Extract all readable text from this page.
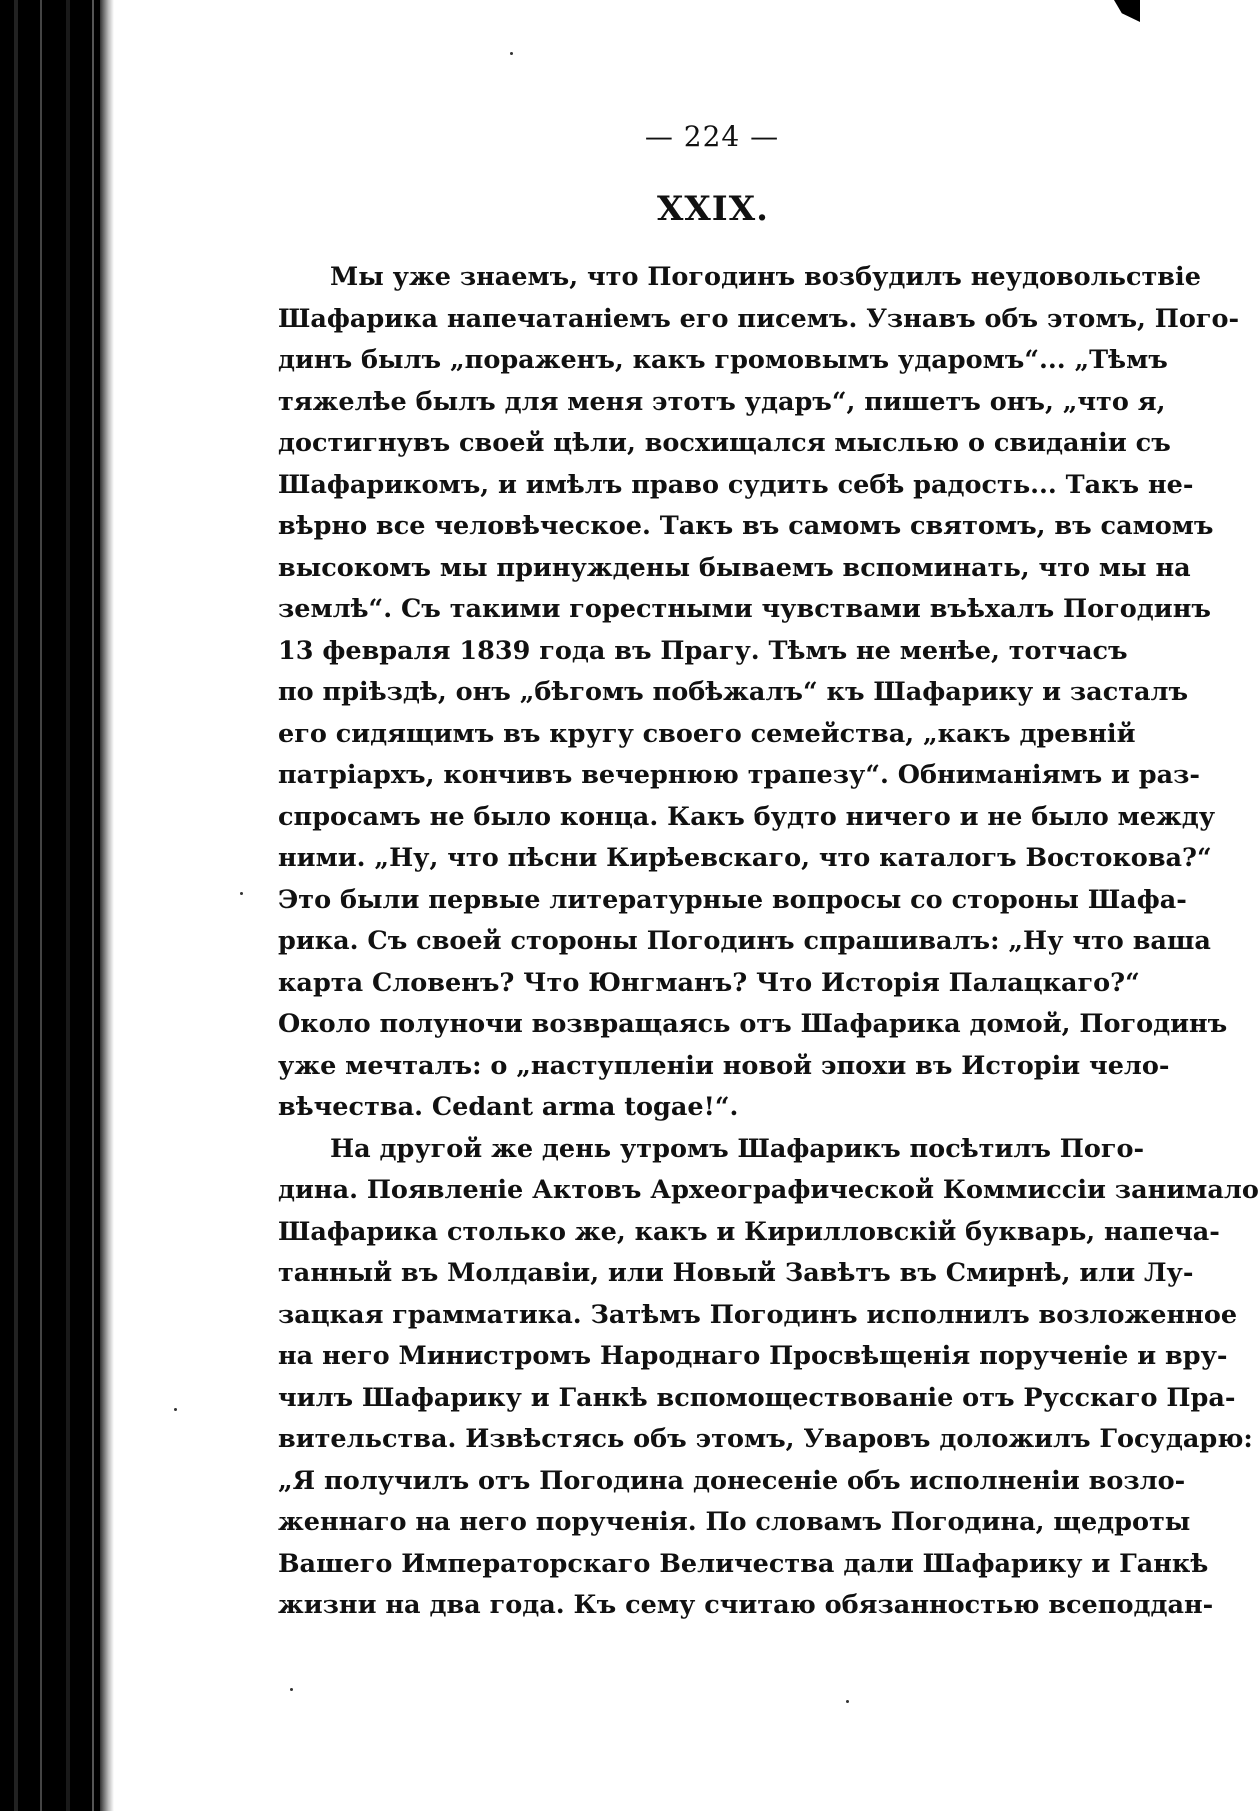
— 224 —
XXIX.
Мы уже знаемъ, что Погодинъ возбудилъ неудовольствіе
Шафарика напечатаніемъ его писемъ. Узнавъ объ этомъ, Пого-
динъ былъ „пораженъ, какъ громовымъ ударомъ“... „Тѣмъ
тяжелѣе былъ для меня этотъ ударъ“, пишетъ онъ, „что я,
достигнувъ своей цѣли, восхищался мыслью о свиданіи съ
Шафарикомъ, и имѣлъ право судить себѣ радость... Такъ не-
вѣрно все человѣческое. Такъ въ самомъ святомъ, въ самомъ
высокомъ мы принуждены бываемъ вспоминать, что мы на
землѣ“. Съ такими горестными чувствами въѣхалъ Погодинъ
13 февраля 1839 года въ Прагу. Тѣмъ не менѣе, тотчасъ
по пріѣздѣ, онъ „бѣгомъ побѣжалъ“ къ Шафарику и засталъ
его сидящимъ въ кругу своего семейства, „какъ древній
патріархъ, кончивъ вечернюю трапезу“. Обниманіямъ и раз-
спросамъ не было конца. Какъ будто ничего и не было между
ними. „Ну, что пѣсни Кирѣевскаго, что каталогъ Востокова?“
Это были первые литературные вопросы со стороны Шафа-
рика. Съ своей стороны Погодинъ спрашивалъ: „Ну что ваша
карта Словенъ? Что Юнгманъ? Что Исторія Палацкаго?“
Около полуночи возвращаясь отъ Шафарика домой, Погодинъ
уже мечталъ: о „наступленіи новой эпохи въ Исторіи чело-
вѣчества. Cedant arma togae!“.
На другой же день утромъ Шафарикъ посѣтилъ Пого-
дина. Появленіе Актовъ Археографической Коммиссіи занимало
Шафарика столько же, какъ и Кирилловскій букварь, напеча-
танный въ Молдавіи, или Новый Завѣтъ въ Смирнѣ, или Лу-
зацкая грамматика. Затѣмъ Погодинъ исполнилъ возложенное
на него Министромъ Народнаго Просвѣщенія порученіе и вру-
чилъ Шафарику и Ганкѣ вспомоществованіе отъ Русскаго Пра-
вительства. Извѣстясь объ этомъ, Уваровъ доложилъ Государю:
„Я получилъ отъ Погодина донесеніе объ исполненіи возло-
женнаго на него порученія. По словамъ Погодина, щедроты
Вашего Императорскаго Величества дали Шафарику и Ганкѣ
жизни на два года. Къ сему считаю обязанностью всеподдан-
